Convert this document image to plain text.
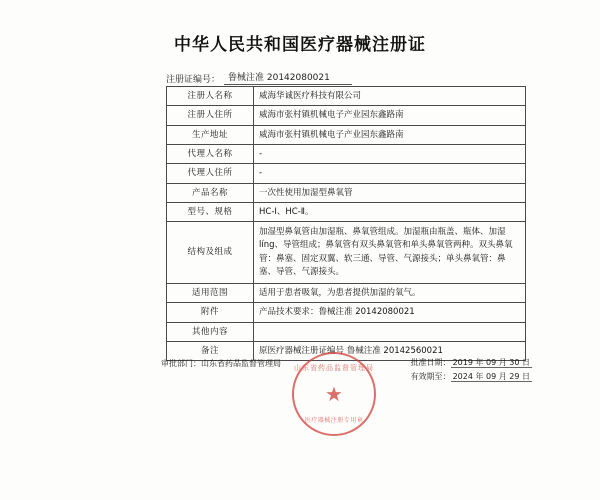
中华人民共和国医疗器械注册证
注册证编号： 鲁械注准 20142080021
注册人名称	威海华诚医疗科技有限公司
注册人住所	威海市张村镇机械电子产业园东鑫路南
生产地址	威海市张村镇机械电子产业园东鑫路南
代理人名称	-
代理人住所	-
产品名称	一次性使用加湿型鼻氧管
型号、规格	HC-Ⅰ、HC-Ⅱ。
结构及组成	加湿型鼻氧管由加湿瓶、鼻氧管组成。加湿瓶由瓶盖、瓶体、加湿líng、导管组成；鼻氧管有双头鼻氧管和单头鼻氧管两种。双头鼻氧管：鼻塞、固定双翼、软三通、导管、气源接头；单头鼻氧管：鼻塞、导管、气源接头。
适用范围	适用于患者吸氧，为患者提供加湿的氧气。
附件	产品技术要求：鲁械注准 20142080021
其他内容	
备注	原医疗器械注册证编号 鲁械注准 20142560021
审批部门：山东省药品监督管理局	批准日期： 2019 年 09 月 30 日
有效期至： 2024 年 09 月 29 日
山东省药品监督管理局
★
医疗器械注册专用章
